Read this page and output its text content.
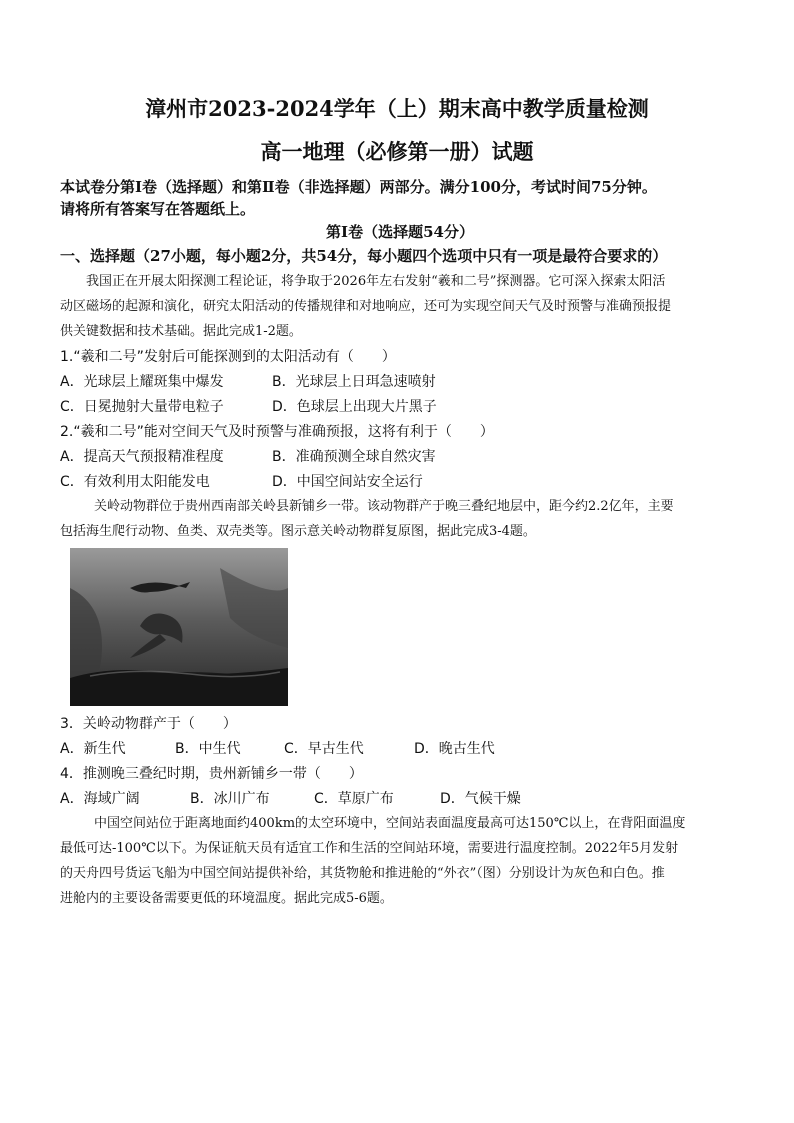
漳州市2023-2024学年（上）期末高中教学质量检测
高一地理（必修第一册）试题
本试卷分第Ⅰ卷（选择题）和第Ⅱ卷（非选择题）两部分。满分100分，考试时间75分钟。
请将所有答案写在答题纸上。
第Ⅰ卷（选择题54分）
一、选择题（27小题，每小题2分，共54分，每小题四个选项中只有一项是最符合要求的）
我国正在开展太阳探测工程论证，将争取于2026年左右发射“羲和二号”探测器。它可深入探索太阳活
动区磁场的起源和演化，研究太阳活动的传播规律和对地响应，还可为实现空间天气及时预警与准确预报提
供关键数据和技术基础。据此完成1-2题。
1.“羲和二号”发射后可能探测到的太阳活动有（　　）
A．光球层上耀斑集中爆发	B．光球层上日珥急速喷射
C．日冕抛射大量带电粒子	D．色球层上出现大片黑子
2.“羲和二号”能对空间天气及时预警与准确预报，这将有利于（　　）
A．提高天气预报精准程度	B．准确预测全球自然灾害
C．有效利用太阳能发电	D．中国空间站安全运行
关岭动物群位于贵州西南部关岭县新铺乡一带。该动物群产于晚三叠纪地层中，距今约2.2亿年，主要
包括海生爬行动物、鱼类、双壳类等。图示意关岭动物群复原图，据此完成3-4题。
3．关岭动物群产于（　　）
A．新生代	B．中生代	C．早古生代	D．晚古生代
4．推测晚三叠纪时期，贵州新铺乡一带（　　）
A．海域广阔	B．冰川广布	C．草原广布	D．气候干燥
中国空间站位于距离地面约400km的太空环境中，空间站表面温度最高可达150℃以上，在背阳面温度
最低可达-100℃以下。为保证航天员有适宜工作和生活的空间站环境，需要进行温度控制。2022年5月发射
的天舟四号货运飞船为中国空间站提供补给，其货物舱和推进舱的“外衣”（图）分别设计为灰色和白色。推
进舱内的主要设备需要更低的环境温度。据此完成5-6题。
